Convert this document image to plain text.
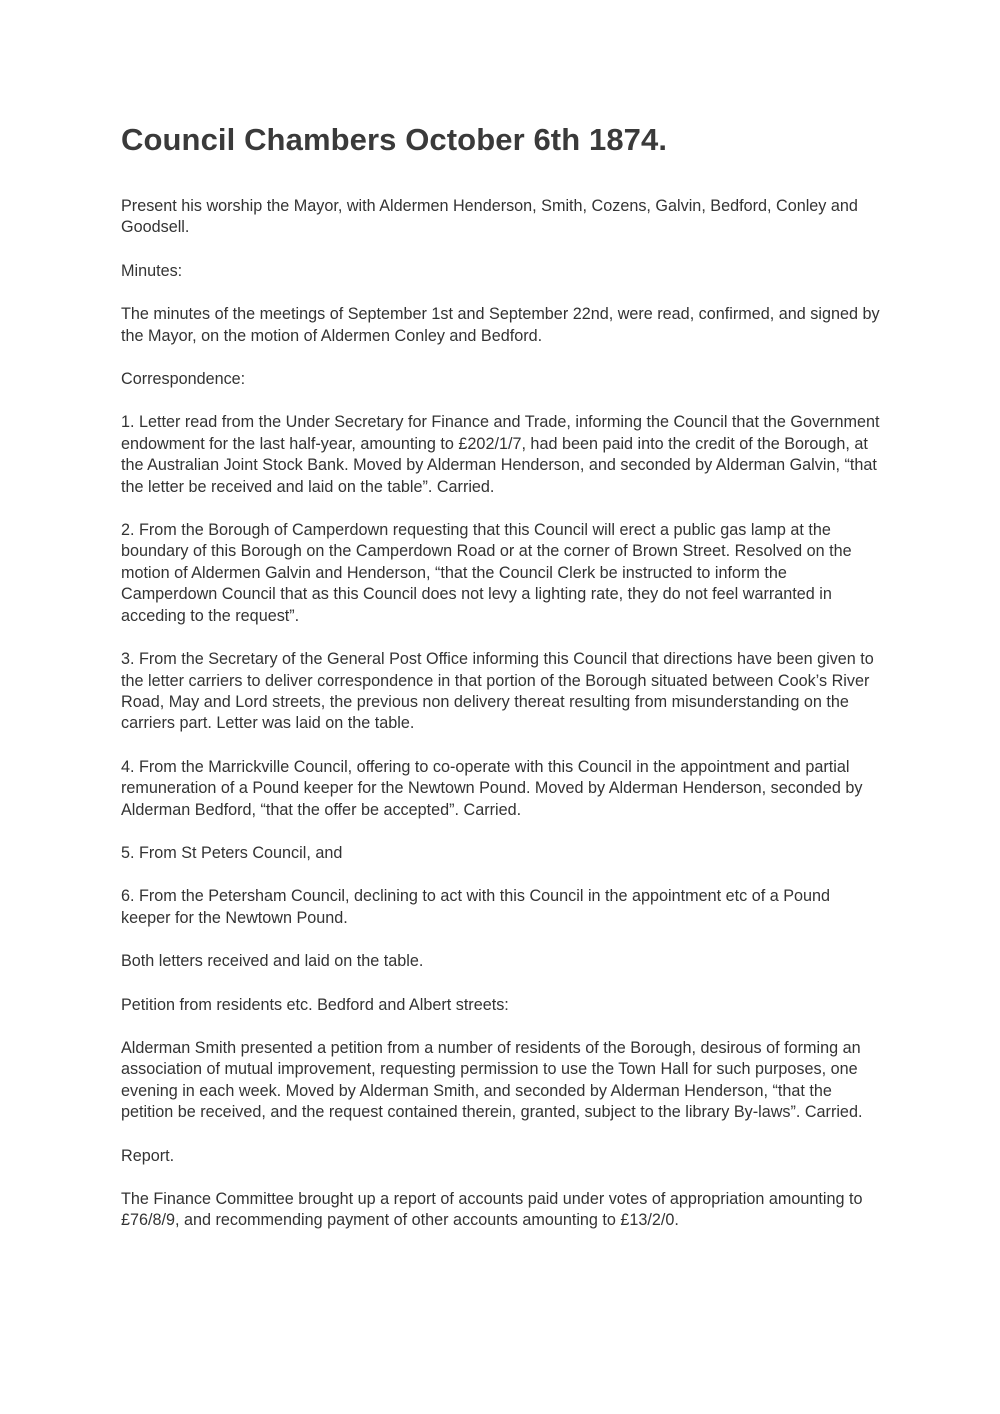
Council Chambers October 6th 1874.

Present his worship the Mayor, with Aldermen Henderson, Smith, Cozens, Galvin, Bedford, Conley and Goodsell.

Minutes:

The minutes of the meetings of September 1st and September 22nd, were read, confirmed, and signed by the Mayor, on the motion of Aldermen Conley and Bedford.

Correspondence:

1. Letter read from the Under Secretary for Finance and Trade, informing the Council that the Government endowment for the last half-year, amounting to £202/1/7, had been paid into the credit of the Borough, at the Australian Joint Stock Bank. Moved by Alderman Henderson, and seconded by Alderman Galvin, “that the letter be received and laid on the table”. Carried.

2. From the Borough of Camperdown requesting that this Council will erect a public gas lamp at the boundary of this Borough on the Camperdown Road or at the corner of Brown Street. Resolved on the motion of Aldermen Galvin and Henderson, “that the Council Clerk be instructed to inform the Camperdown Council that as this Council does not levy a lighting rate, they do not feel warranted in acceding to the request”.

3. From the Secretary of the General Post Office informing this Council that directions have been given to the letter carriers to deliver correspondence in that portion of the Borough situated between Cook’s River Road, May and Lord streets, the previous non delivery thereat resulting from misunderstanding on the carriers part. Letter was laid on the table.

4. From the Marrickville Council, offering to co-operate with this Council in the appointment and partial remuneration of a Pound keeper for the Newtown Pound. Moved by Alderman Henderson, seconded by Alderman Bedford, “that the offer be accepted”. Carried.

5. From St Peters Council, and

6. From the Petersham Council, declining to act with this Council in the appointment etc of a Pound keeper for the Newtown Pound.

Both letters received and laid on the table.

Petition from residents etc. Bedford and Albert streets:

Alderman Smith presented a petition from a number of residents of the Borough, desirous of forming an association of mutual improvement, requesting permission to use the Town Hall for such purposes, one evening in each week. Moved by Alderman Smith, and seconded by Alderman Henderson, “that the petition be received, and the request contained therein, granted, subject to the library By-laws”. Carried.

Report.

The Finance Committee brought up a report of accounts paid under votes of appropriation amounting to £76/8/9, and recommending payment of other accounts amounting to £13/2/0.
